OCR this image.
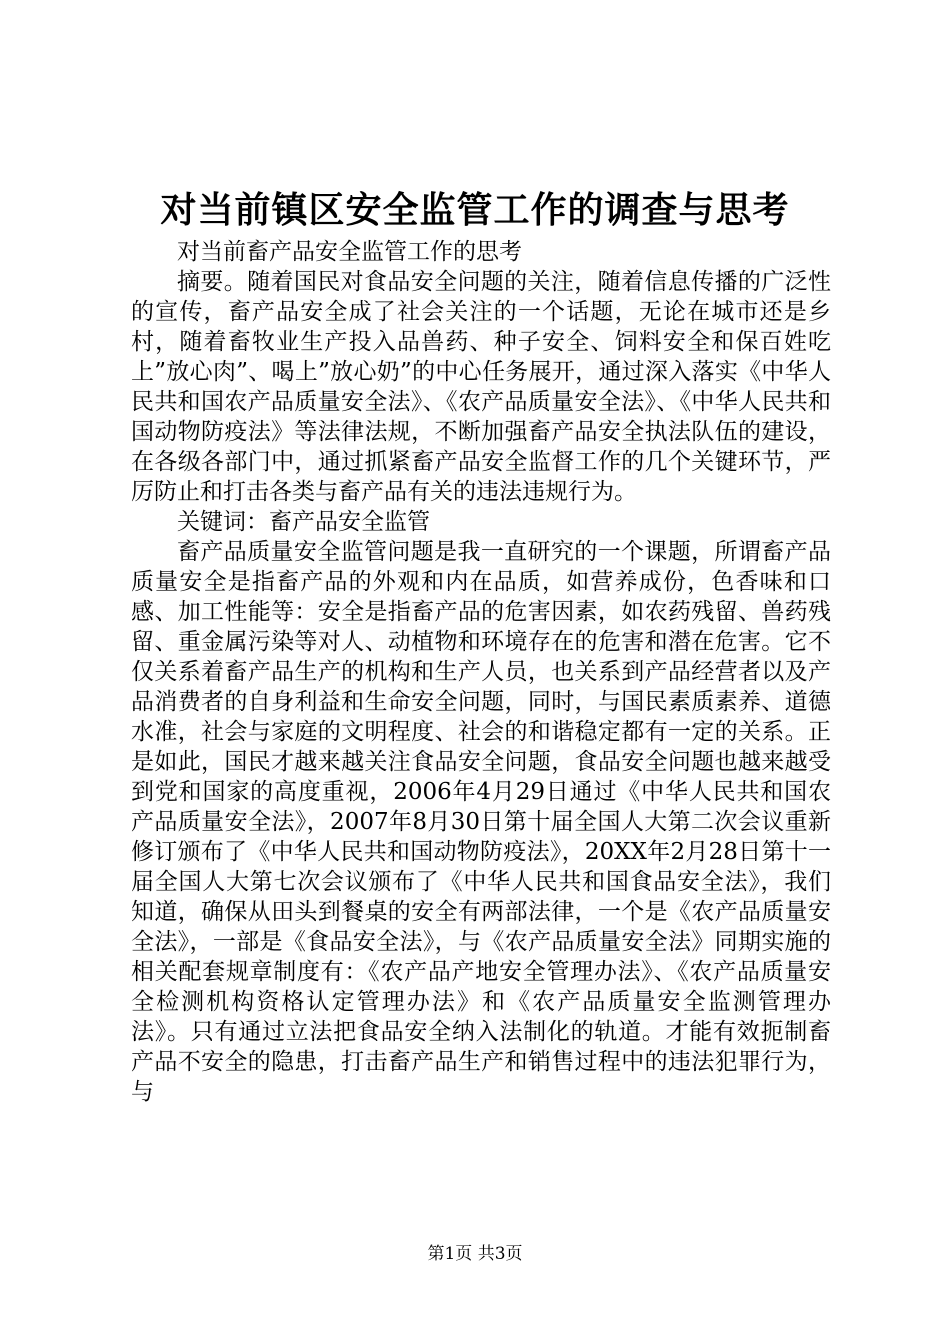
对当前镇区安全监管工作的调查与思考

对当前畜产品安全监管工作的思考

摘要。随着国民对食品安全问题的关注，随着信息传播的广泛性的宣传，畜产品安全成了社会关注的一个话题，无论在城市还是乡村，随着畜牧业生产投入品兽药、种子安全、饲料安全和保百姓吃上”放心肉”、喝上”放心奶”的中心任务展开，通过深入落实《中华人民共和国农产品质量安全法》、《农产品质量安全法》、《中华人民共和国动物防疫法》等法律法规，不断加强畜产品安全执法队伍的建设，在各级各部门中，通过抓紧畜产品安全监督工作的几个关键环节，严厉防止和打击各类与畜产品有关的违法违规行为。

关键词：畜产品安全监管

畜产品质量安全监管问题是我一直研究的一个课题，所谓畜产品质量安全是指畜产品的外观和内在品质，如营养成份，色香味和口感、加工性能等：安全是指畜产品的危害因素，如农药残留、兽药残留、重金属污染等对人、动植物和环境存在的危害和潜在危害。它不仅关系着畜产品生产的机构和生产人员，也关系到产品经营者以及产品消费者的自身利益和生命安全问题，同时，与国民素质素养、道德水准，社会与家庭的文明程度、社会的和谐稳定都有一定的关系。正是如此，国民才越来越关注食品安全问题，食品安全问题也越来越受到党和国家的高度重视，2006年4月29日通过《中华人民共和国农产品质量安全法》，2007年8月30日第十届全国人大第二次会议重新修订颁布了《中华人民共和国动物防疫法》，20XX年2月28日第十一届全国人大第七次会议颁布了《中华人民共和国食品安全法》，我们知道，确保从田头到餐桌的安全有两部法律，一个是《农产品质量安全法》，一部是《食品安全法》，与《农产品质量安全法》同期实施的相关配套规章制度有：《农产品产地安全管理办法》、《农产品质量安全检测机构资格认定管理办法》和《农产品质量安全监测管理办法》。只有通过立法把食品安全纳入法制化的轨道。才能有效扼制畜产品不安全的隐患，打击畜产品生产和销售过程中的违法犯罪行为，与

第1页 共3页
